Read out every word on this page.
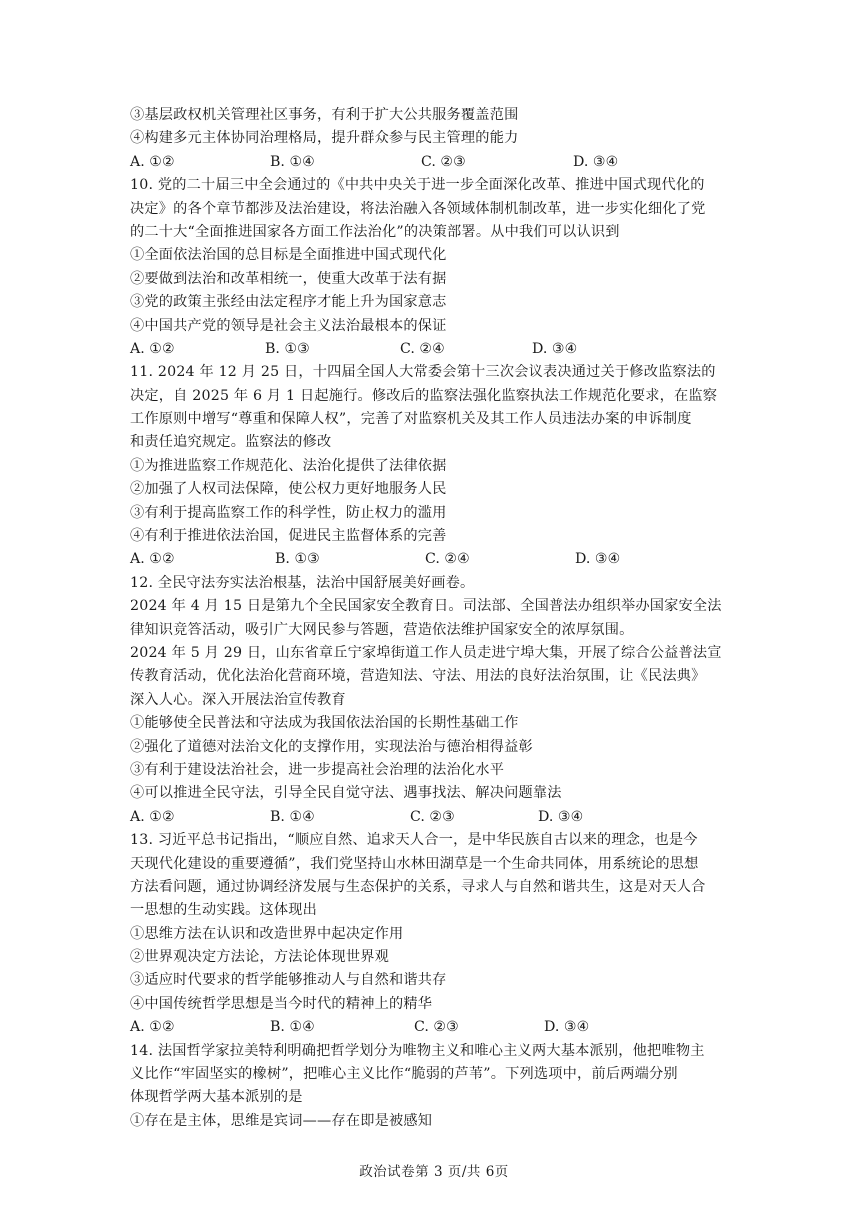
③基层政权机关管理社区事务，有利于扩大公共服务覆盖范围
④构建多元主体协同治理格局，提升群众参与民主管理的能力
A. ①②	B. ①④	C. ②③	D. ③④
10. 党的二十届三中全会通过的《中共中央关于进一步全面深化改革、推进中国式现代化的
决定》的各个章节都涉及法治建设，将法治融入各领域体制机制改革，进一步实化细化了党
的二十大“全面推进国家各方面工作法治化”的决策部署。从中我们可以认识到
①全面依法治国的总目标是全面推进中国式现代化
②要做到法治和改革相统一，使重大改革于法有据
③党的政策主张经由法定程序才能上升为国家意志
④中国共产党的领导是社会主义法治最根本的保证
A. ①②	B. ①③	C. ②④	D. ③④
11. 2024 年 12 月 25 日，十四届全国人大常委会第十三次会议表决通过关于修改监察法的
决定，自 2025 年 6 月 1 日起施行。修改后的监察法强化监察执法工作规范化要求，在监察
工作原则中增写“尊重和保障人权”，完善了对监察机关及其工作人员违法办案的申诉制度
和责任追究规定。监察法的修改
①为推进监察工作规范化、法治化提供了法律依据
②加强了人权司法保障，使公权力更好地服务人民
③有利于提高监察工作的科学性，防止权力的滥用
④有利于推进依法治国，促进民主监督体系的完善
A. ①②	B. ①③	C. ②④	D. ③④
12. 全民守法夯实法治根基，法治中国舒展美好画卷。
2024 年 4 月 15 日是第九个全民国家安全教育日。司法部、全国普法办组织举办国家安全法
律知识竞答活动，吸引广大网民参与答题，营造依法维护国家安全的浓厚氛围。
2024 年 5 月 29 日，山东省章丘宁家埠街道工作人员走进宁埠大集，开展了综合公益普法宣
传教育活动，优化法治化营商环境，营造知法、守法、用法的良好法治氛围，让《民法典》
深入人心。深入开展法治宣传教育
①能够使全民普法和守法成为我国依法治国的长期性基础工作
②强化了道德对法治文化的支撑作用，实现法治与德治相得益彰
③有利于建设法治社会，进一步提高社会治理的法治化水平
④可以推进全民守法，引导全民自觉守法、遇事找法、解决问题靠法
A. ①②	B. ①④	C. ②③	D. ③④
13. 习近平总书记指出，“顺应自然、追求天人合一，是中华民族自古以来的理念，也是今
天现代化建设的重要遵循”，我们党坚持山水林田湖草是一个生命共同体，用系统论的思想
方法看问题，通过协调经济发展与生态保护的关系，寻求人与自然和谐共生，这是对天人合
一思想的生动实践。这体现出
①思维方法在认识和改造世界中起决定作用
②世界观决定方法论，方法论体现世界观
③适应时代要求的哲学能够推动人与自然和谐共存
④中国传统哲学思想是当今时代的精神上的精华
A. ①②	B. ①④	C. ②③	D. ③④
14. 法国哲学家拉美特利明确把哲学划分为唯物主义和唯心主义两大基本派别，他把唯物主
义比作“牢固坚实的橡树”，把唯心主义比作“脆弱的芦苇”。下列选项中，前后两端分别
体现哲学两大基本派别的是
①存在是主体，思维是宾词——存在即是被感知
政治试卷第 3 页/共 6页
